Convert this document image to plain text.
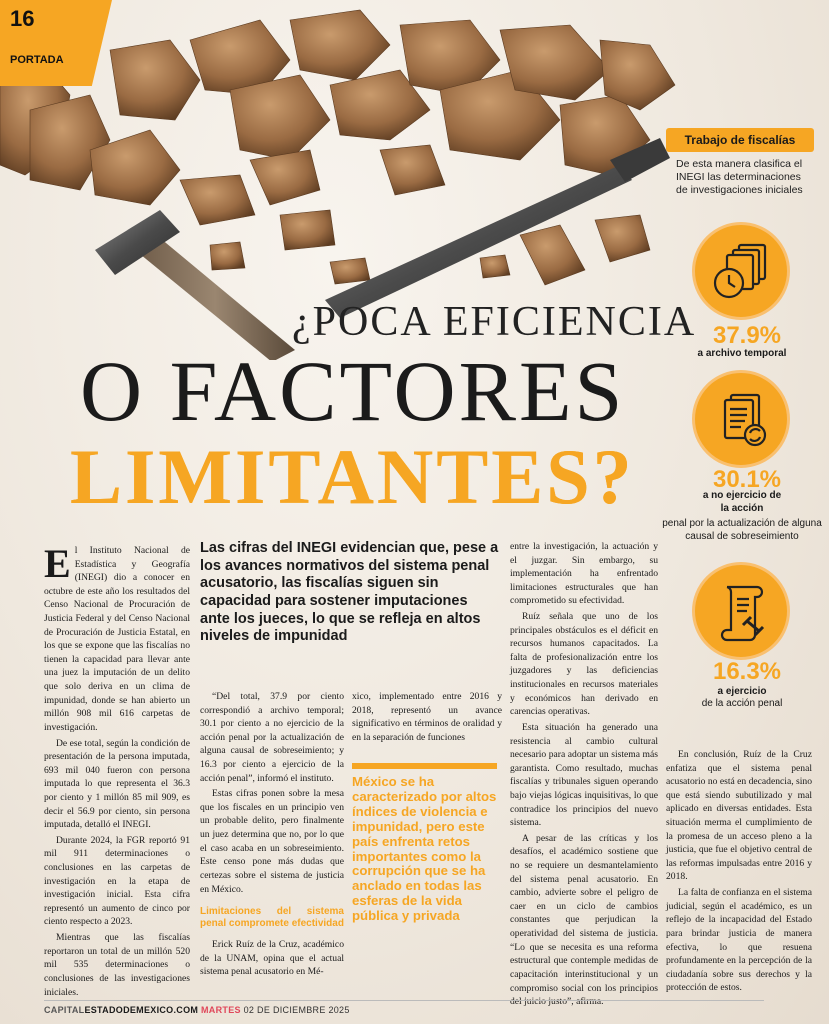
16
PORTADA
¿POCA EFICIENCIA
O FACTORES
LIMITANTES?
Trabajo de fiscalías
De esta manera clasifica el INEGI las determinaciones de investigaciones iniciales
37.9%
a archivo temporal
30.1%
a no ejercicio de la acción
penal por la actualización de alguna causal de sobreseimiento
16.3%
a ejercicio
de la acción penal
Las cifras del INEGI evidencian que, pese a los avances normativos del sistema penal acusatorio, las fiscalías siguen sin capacidad para sostener imputaciones ante los jueces, lo que se refleja en altos niveles de impunidad

El Instituto Nacional de Estadística y Geografía (INEGI) dio a conocer en octubre de este año los resultados del Censo Nacional de Procuración de Justicia Federal y del Censo Nacional de Procuración de Justicia Estatal, en los que se expone que las fiscalías no tienen la capacidad para llevar ante una juez la imputación de un delito que solo deriva en un clima de impunidad, donde se han abierto un millón 908 mil 616 carpetas de investigación.

De ese total, según la condición de presentación de la persona imputada, 693 mil 040 fueron con persona imputada lo que representa el 36.3 por ciento y 1 millón 85 mil 909, es decir el 56.9 por ciento, sin persona imputada, detalló el INEGI.

Durante 2024, la FGR reportó 91 mil 911 determinaciones o conclusiones en las carpetas de investigación en la etapa de investigación inicial. Esta cifra representó un aumento de cinco por ciento respecto a 2023.

Mientras que las fiscalías reportaron un total de un millón 520 mil 535 determinaciones o conclusiones de las investigaciones iniciales.

“Del total, 37.9 por ciento correspondió a archivo temporal; 30.1 por ciento a no ejercicio de la acción penal por la actualización de alguna causal de sobreseimiento; y 16.3 por ciento a ejercicio de la acción penal”, informó el instituto.

Estas cifras ponen sobre la mesa que los fiscales en un principio ven un probable delito, pero finalmente un juez determina que no, por lo que el caso acaba en un sobreseimiento. Este censo pone más dudas que certezas sobre el sistema de justicia en México.

Limitaciones del sistema penal compromete efectividad

Erick Ruíz de la Cruz, académico de la UNAM, opina que el actual sistema penal acusatorio en Mé-

xico, implementado entre 2016 y 2018, representó un avance significativo en términos de oralidad y en la separación de funciones

México se ha caracterizado por altos índices de violencia e impunidad, pero este país enfrenta retos importantes como la corrupción que se ha anclado en todas las esferas de la vida pública y privada

entre la investigación, la actuación y el juzgar. Sin embargo, su implementación ha enfrentado limitaciones estructurales que han comprometido su efectividad.

Ruíz señala que uno de los principales obstáculos es el déficit en recursos humanos capacitados. La falta de profesionalización entre los juzgadores y las deficiencias institucionales en recursos materiales y económicos han derivado en carencias operativas.

Esta situación ha generado una resistencia al cambio cultural necesario para adoptar un sistema más garantista. Como resultado, muchas fiscalías y tribunales siguen operando bajo viejas lógicas inquisitivas, lo que contradice los principios del nuevo sistema.

A pesar de las críticas y los desafíos, el académico sostiene que no se requiere un desmantelamiento del sistema penal acusatorio. En cambio, advierte sobre el peligro de caer en un ciclo de cambios constantes que perjudican la operatividad del sistema de justicia. “Lo que se necesita es una reforma estructural que contemple medidas de capacitación interinstitucional y un compromiso social con los principios del juicio justo”, afirma.

En conclusión, Ruíz de la Cruz enfatiza que el sistema penal acusatorio no está en decadencia, sino que está siendo subutilizado y mal aplicado en diversas entidades. Esta situación merma el cumplimiento de la promesa de un acceso pleno a la justicia, que fue el objetivo central de las reformas impulsadas entre 2016 y 2018.

La falta de confianza en el sistema judicial, según el académico, es un reflejo de la incapacidad del Estado para brindar justicia de manera efectiva, lo que resuena profundamente en la percepción de la ciudadanía sobre sus derechos y la protección de estos.

CAPITALESTADODEMEXICO.COM MARTES 02 DE DICIEMBRE 2025
